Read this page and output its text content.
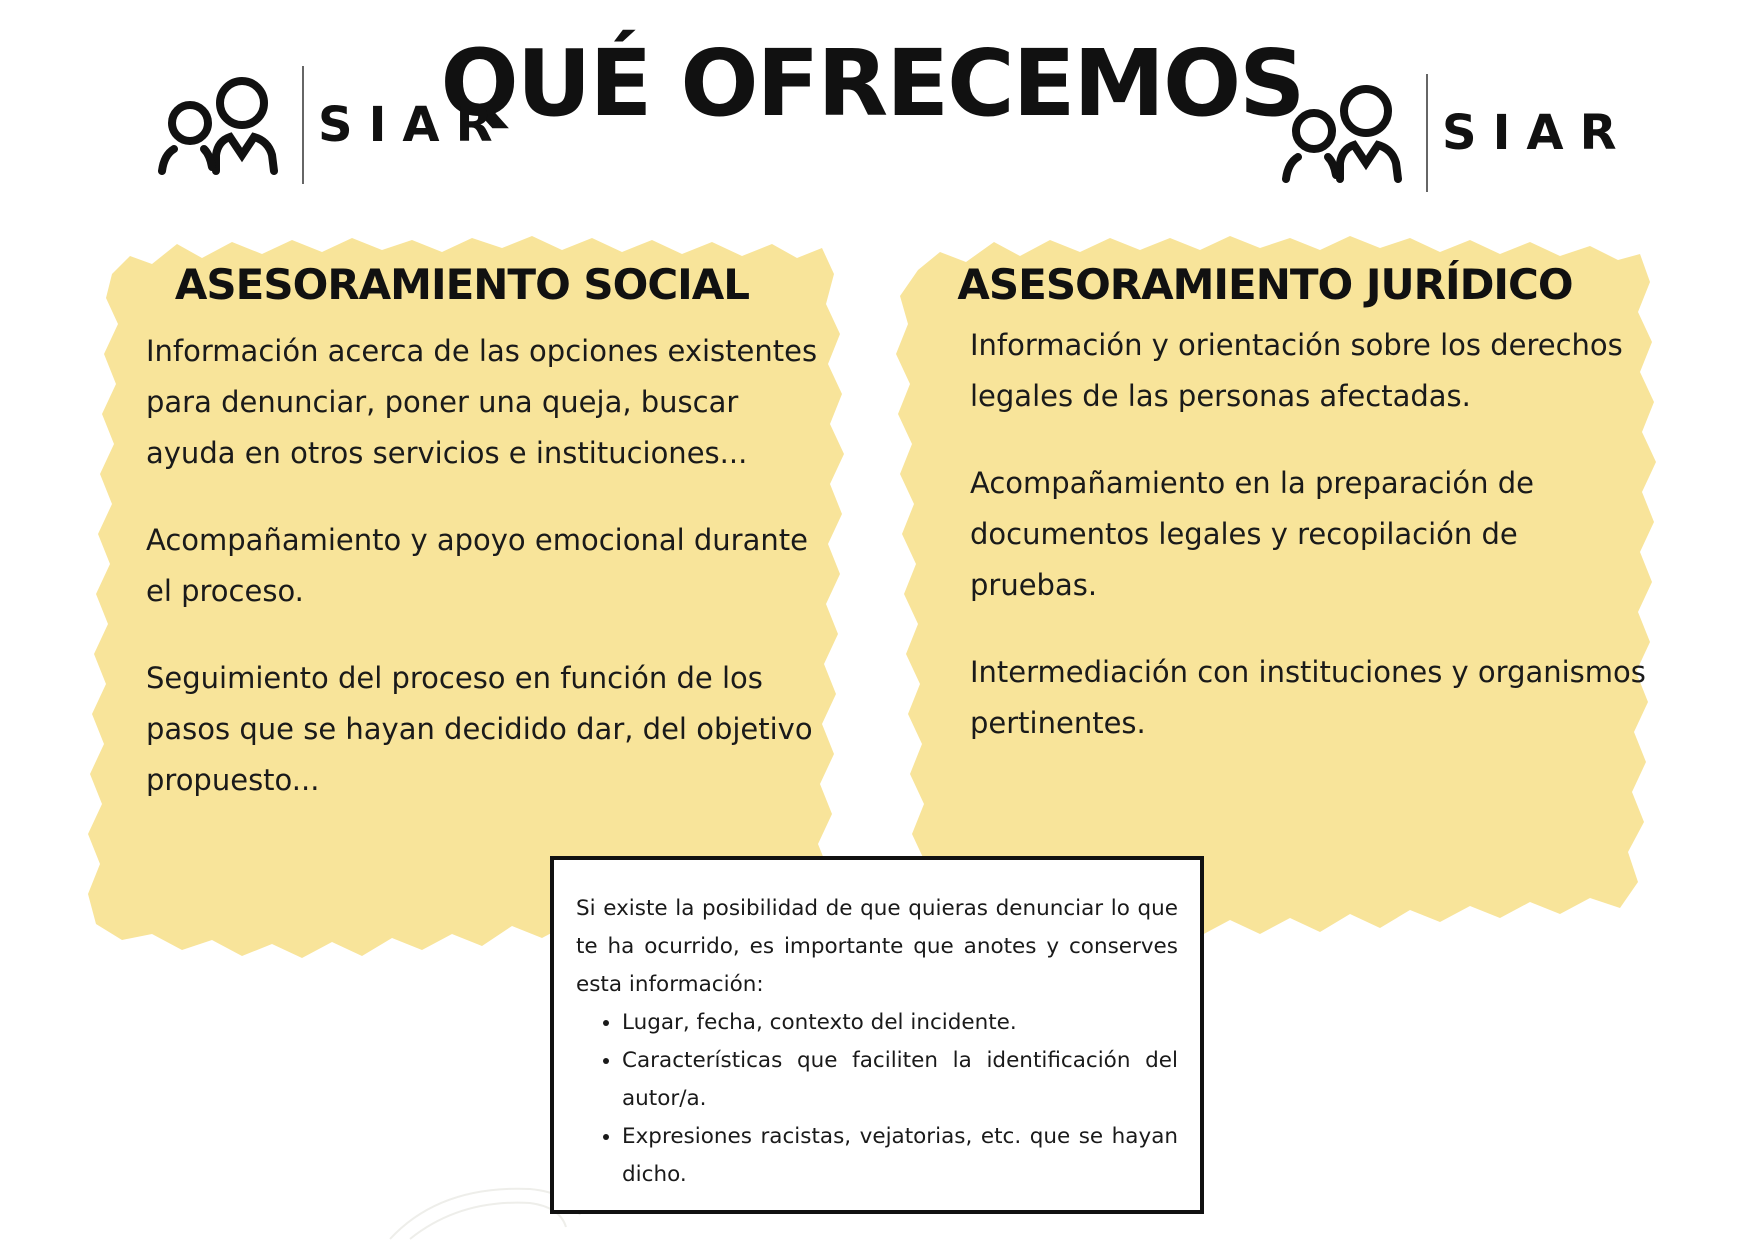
QUÉ OFRECEMOS
SIAR	SIAR
ASESORAMIENTO SOCIAL

Información acerca de las opciones existentes para denunciar, poner una queja, buscar ayuda en otros servicios e instituciones...

Acompañamiento y apoyo emocional durante el proceso.

Seguimiento del proceso en función de los pasos que se hayan decidido dar, del objetivo propuesto...

ASESORAMIENTO JURÍDICO

Información y orientación sobre los derechos legales de las personas afectadas.

Acompañamiento en la preparación de documentos legales y recopilación de pruebas.

Intermediación con instituciones y organismos pertinentes.

Si existe la posibilidad de que quieras denunciar lo que te ha ocurrido, es importante que anotes y conserves esta información:

• Lugar, fecha, contexto del incidente.
• Características que faciliten la identificación del autor/a.
• Expresiones racistas, vejatorias, etc. que se hayan dicho.
